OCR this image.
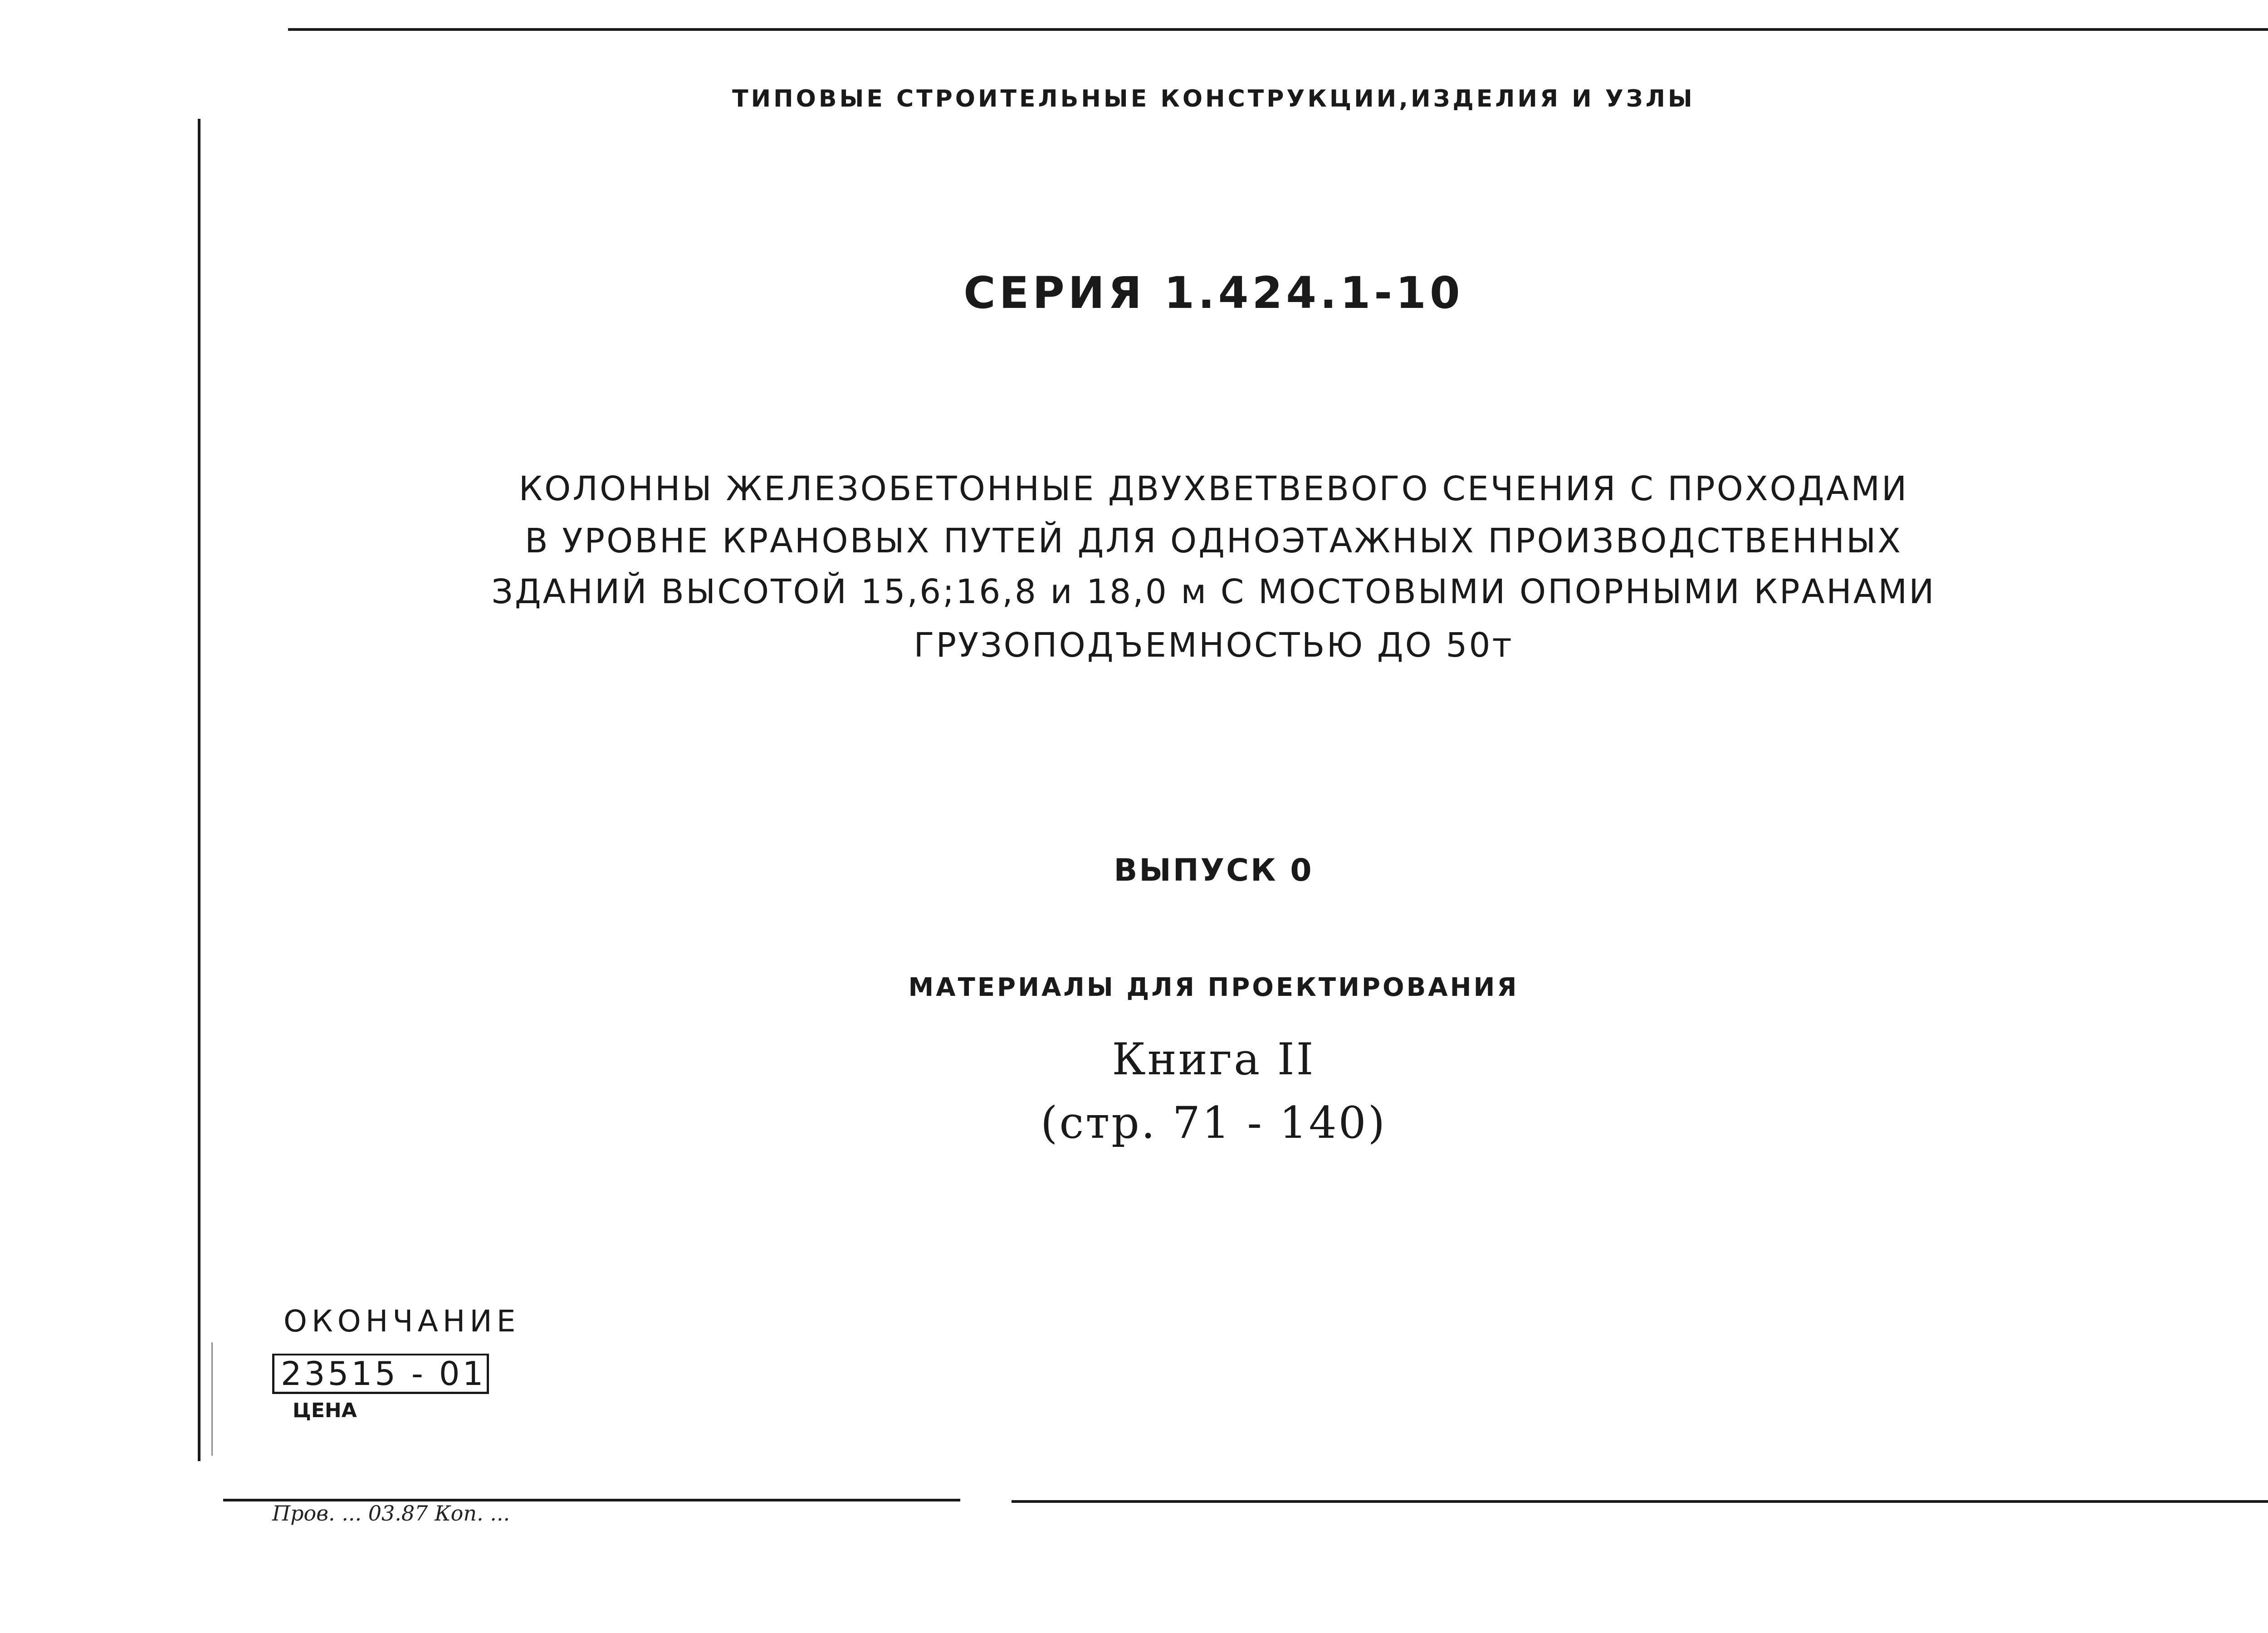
ТИПОВЫЕ СТРОИТЕЛЬНЫЕ КОНСТРУКЦИИ,ИЗДЕЛИЯ И УЗЛЫ
СЕРИЯ 1.424.1-10
КОЛОННЫ ЖЕЛЕЗОБЕТОННЫЕ ДВУХВЕТВЕВОГО СЕЧЕНИЯ С ПРОХОДАМИ
В УРОВНЕ КРАНОВЫХ ПУТЕЙ ДЛЯ ОДНОЭТАЖНЫХ ПРОИЗВОДСТВЕННЫХ
ЗДАНИЙ ВЫСОТОЙ 15,6;16,8 и 18,0 м С МОСТОВЫМИ ОПОРНЫМИ КРАНАМИ
ГРУЗОПОДЪЕМНОСТЬЮ ДО 50т
ВЫПУСК 0
МАТЕРИАЛЫ ДЛЯ ПРОЕКТИРОВАНИЯ
Книга II
(стр. 71 - 140)
ОКОНЧАНИЕ
23515 - 01
ЦЕНА
Пров. ... 03.87 Коп. ...
